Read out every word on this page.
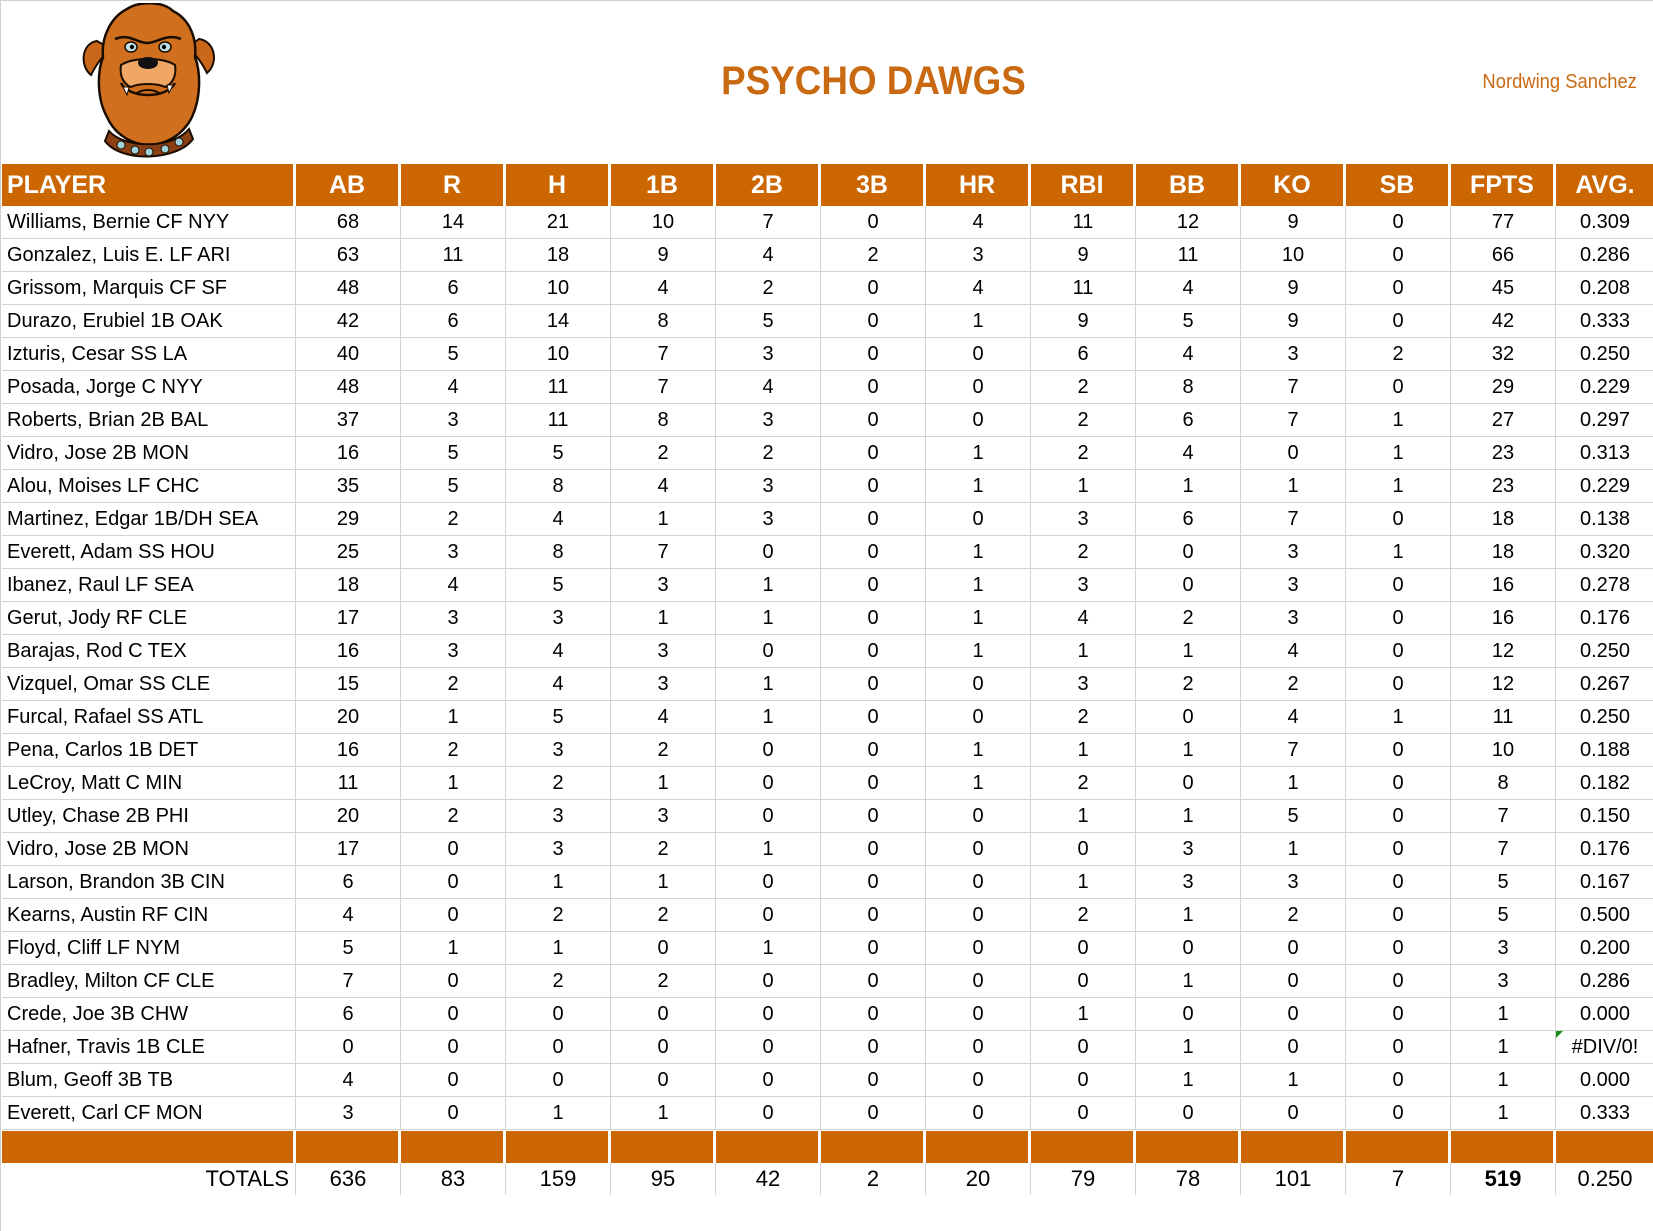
PSYCHO DAWGS	Nordwing Sanchez
PLAYER	AB	R	H	1B	2B	3B	HR	RBI	BB	KO	SB	FPTS	AVG.
Williams, Bernie CF NYY	68	14	21	10	7	0	4	11	12	9	0	77	0.309
Gonzalez, Luis E. LF ARI	63	11	18	9	4	2	3	9	11	10	0	66	0.286
Grissom, Marquis CF SF	48	6	10	4	2	0	4	11	4	9	0	45	0.208
Durazo, Erubiel 1B OAK	42	6	14	8	5	0	1	9	5	9	0	42	0.333
Izturis, Cesar SS LA	40	5	10	7	3	0	0	6	4	3	2	32	0.250
Posada, Jorge C NYY	48	4	11	7	4	0	0	2	8	7	0	29	0.229
Roberts, Brian 2B BAL	37	3	11	8	3	0	0	2	6	7	1	27	0.297
Vidro, Jose 2B MON	16	5	5	2	2	0	1	2	4	0	1	23	0.313
Alou, Moises LF CHC	35	5	8	4	3	0	1	1	1	1	1	23	0.229
Martinez, Edgar 1B/DH SEA	29	2	4	1	3	0	0	3	6	7	0	18	0.138
Everett, Adam SS HOU	25	3	8	7	0	0	1	2	0	3	1	18	0.320
Ibanez, Raul LF SEA	18	4	5	3	1	0	1	3	0	3	0	16	0.278
Gerut, Jody RF CLE	17	3	3	1	1	0	1	4	2	3	0	16	0.176
Barajas, Rod C TEX	16	3	4	3	0	0	1	1	1	4	0	12	0.250
Vizquel, Omar SS CLE	15	2	4	3	1	0	0	3	2	2	0	12	0.267
Furcal, Rafael SS ATL	20	1	5	4	1	0	0	2	0	4	1	11	0.250
Pena, Carlos 1B DET	16	2	3	2	0	0	1	1	1	7	0	10	0.188
LeCroy, Matt C MIN	11	1	2	1	0	0	1	2	0	1	0	8	0.182
Utley, Chase 2B PHI	20	2	3	3	0	0	0	1	1	5	0	7	0.150
Vidro, Jose 2B MON	17	0	3	2	1	0	0	0	3	1	0	7	0.176
Larson, Brandon 3B CIN	6	0	1	1	0	0	0	1	3	3	0	5	0.167
Kearns, Austin RF CIN	4	0	2	2	0	0	0	2	1	2	0	5	0.500
Floyd, Cliff LF NYM	5	1	1	0	1	0	0	0	0	0	0	3	0.200
Bradley, Milton CF CLE	7	0	2	2	0	0	0	0	1	0	0	3	0.286
Crede, Joe 3B CHW	6	0	0	0	0	0	0	1	0	0	0	1	0.000
Hafner, Travis 1B CLE	0	0	0	0	0	0	0	0	1	0	0	1	#DIV/0!
Blum, Geoff 3B TB	4	0	0	0	0	0	0	0	1	1	0	1	0.000
Everett, Carl CF MON	3	0	1	1	0	0	0	0	0	0	0	1	0.333

TOTALS	636	83	159	95	42	2	20	79	78	101	7	519	0.250
